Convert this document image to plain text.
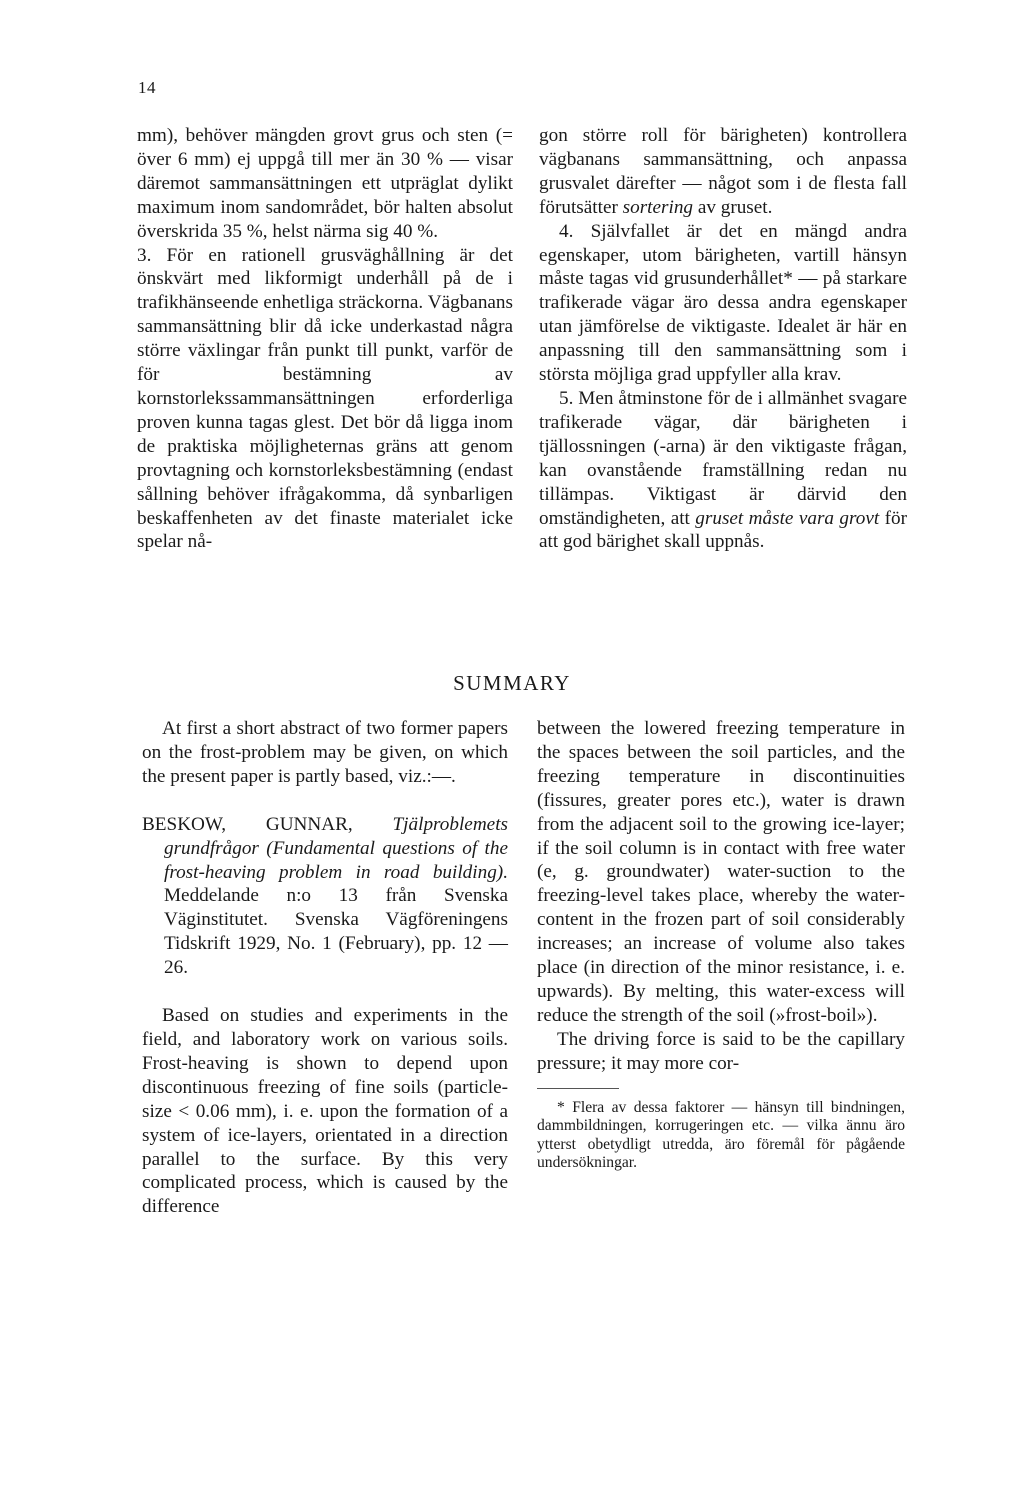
14

mm), behöver mängden grovt grus och sten (= över 6 mm) ej uppgå till mer än 30 % — visar däremot sammansättningen ett utpräglat dylikt maximum inom sandområdet, bör halten absolut överskrida 35 %, helst närma sig 40 %.

3. För en rationell grusväghållning är det önskvärt med likformigt underhåll på de i trafikhänseende enhetliga sträckorna. Vägbanans sammansättning blir då icke underkastad några större växlingar från punkt till punkt, varför de för bestämning av kornstorlekssammansättningen erforderliga proven kunna tagas glest. Det bör då ligga inom de praktiska möjligheternas gräns att genom provtagning och kornstorleksbestämning (endast sållning behöver ifrågakomma, då synbarligen beskaffenheten av det finaste materialet icke spelar nå-

gon större roll för bärigheten) kontrollera vägbanans sammansättning, och anpassa grusvalet därefter — något som i de flesta fall förutsätter sortering av gruset.

4. Självfallet är det en mängd andra egenskaper, utom bärigheten, vartill hänsyn måste tagas vid grusunderhållet* — på starkare trafikerade vägar äro dessa andra egenskaper utan jämförelse de viktigaste. Idealet är här en anpassning till den sammansättning som i största möjliga grad uppfyller alla krav.

5. Men åtminstone för de i allmänhet svagare trafikerade vägar, där bärigheten i tjällossningen (-arna) är den viktigaste frågan, kan ovanstående framställning redan nu tillämpas. Viktigast är därvid den omständigheten, att gruset måste vara grovt för att god bärighet skall uppnås.

SUMMARY

At first a short abstract of two former papers on the frost-problem may be given, on which the present paper is partly based, viz.:—.

BESKOW, GUNNAR, Tjälproblemets grundfrågor (Fundamental questions of the frost-heaving problem in road building). Meddelande n:o 13 från Svenska Väginstitutet. Svenska Vägföreningens Tidskrift 1929, No. 1 (February), pp. 12 —26.

Based on studies and experiments in the field, and laboratory work on various soils. Frost-heaving is shown to depend upon discontinuous freezing of fine soils (particle-size < 0.06 mm), i. e. upon the formation of a system of ice-layers, orientated in a direction parallel to the surface. By this very complicated process, which is caused by the difference

between the lowered freezing temperature in the spaces between the soil particles, and the freezing temperature in discontinuities (fissures, greater pores etc.), water is drawn from the adjacent soil to the growing ice-layer; if the soil column is in contact with free water (e, g. groundwater) water-suction to the freezing-level takes place, whereby the water-content in the frozen part of soil considerably increases; an increase of volume also takes place (in direction of the minor resistance, i. e. upwards). By melting, this water-excess will reduce the strength of the soil (»frost-boil»).

The driving force is said to be the capillary pressure; it may more cor-

* Flera av dessa faktorer — hänsyn till bindningen, dammbildningen, korrugeringen etc. — vilka ännu äro ytterst obetydligt utredda, äro föremål för pågående undersökningar.
